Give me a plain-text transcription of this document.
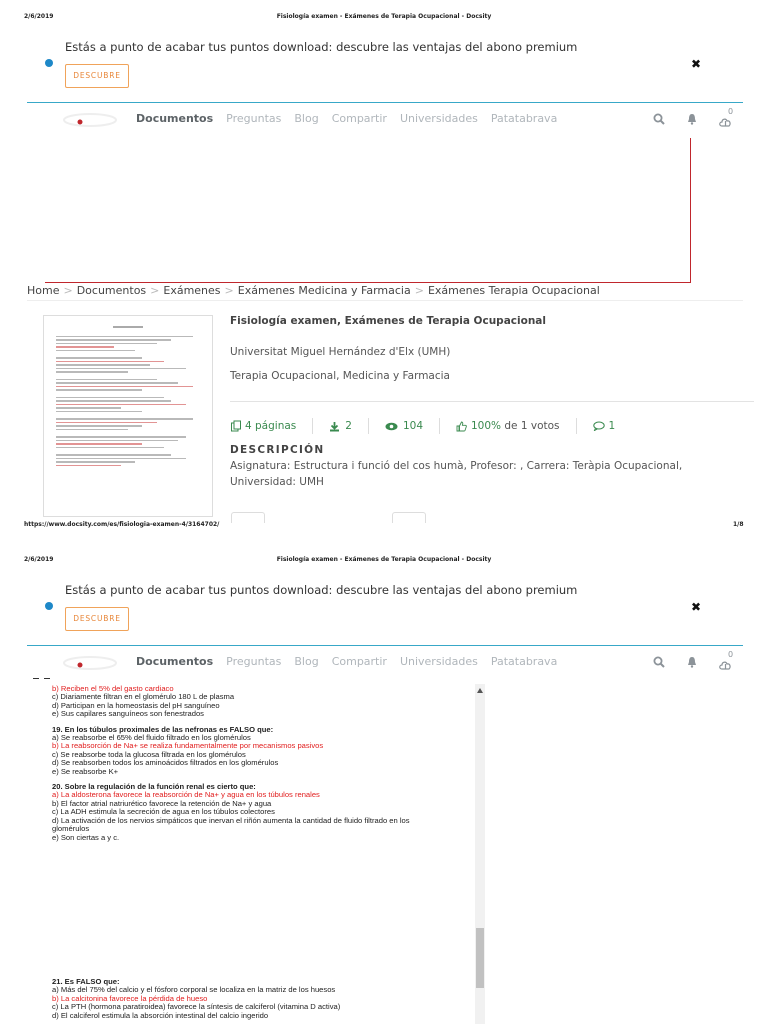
2/6/2019	Fisiología examen - Exámenes de Terapia Ocupacional - Docsity
Estás a punto de acabar tus puntos download: descubre las ventajas del abono premium
DESCUBRE
✖
Documentos Preguntas Blog Compartir Universidades Patatabrava
0
Home > Documentos > Exámenes > Exámenes Medicina y Farmacia > Exámenes Terapia Ocupacional
Fisiología examen, Exámenes de Terapia Ocupacional
Universitat Miguel Hernández d'Elx (UMH)
Terapia Ocupacional, Medicina y Farmacia
4 páginas	2	104	100%
de 1 votos	1
DESCRIPCIÓN
Asignatura: Estructura i funció del cos humà, Profesor: , Carrera: Teràpia Ocupacional, Universidad: UMH
https://www.docsity.com/es/fisiologia-examen-4/3164702/	1/8
2/6/2019	Fisiología examen - Exámenes de Terapia Ocupacional - Docsity
Estás a punto de acabar tus puntos download: descubre las ventajas del abono premium
DESCUBRE
✖
Documentos Preguntas Blog Compartir Universidades Patatabrava
0
b) Reciben el 5% del gasto cardiaco
c) Diariamente filtran en el glomérulo 180 L de plasma
d) Participan en la homeostasis del pH sanguíneo
e) Sus capilares sanguíneos son fenestrados
19. En los túbulos proximales de las nefronas es FALSO que:
a) Se reabsorbe el 65% del fluido filtrado en los glomérulos
b) La reabsorción de Na+ se realiza fundamentalmente por mecanismos pasivos
c) Se reabsorbe toda la glucosa filtrada en los glomérulos
d) Se reabsorben todos los aminoácidos filtrados en los glomérulos
e) Se reabsorbe K+
20. Sobre la regulación de la función renal es cierto que:
a) La aldosterona favorece la reabsorción de Na+ y agua en los túbulos renales
b) El factor atrial natriurético favorece la retención de Na+ y agua
c) La ADH estimula la secreción de agua en los túbulos colectores
d) La activación de los nervios simpáticos que inervan el riñón aumenta la cantidad de fluido filtrado en los
glomérulos
e) Son ciertas a y c.
21. Es FALSO que:
a) Más del 75% del calcio y el fósforo corporal se localiza en la matriz de los huesos
b) La calcitonina favorece la pérdida de hueso
c) La PTH (hormona paratiroidea) favorece la síntesis de calciferol (vitamina D activa)
d) El calciferol estimula la absorción intestinal del calcio ingerido
